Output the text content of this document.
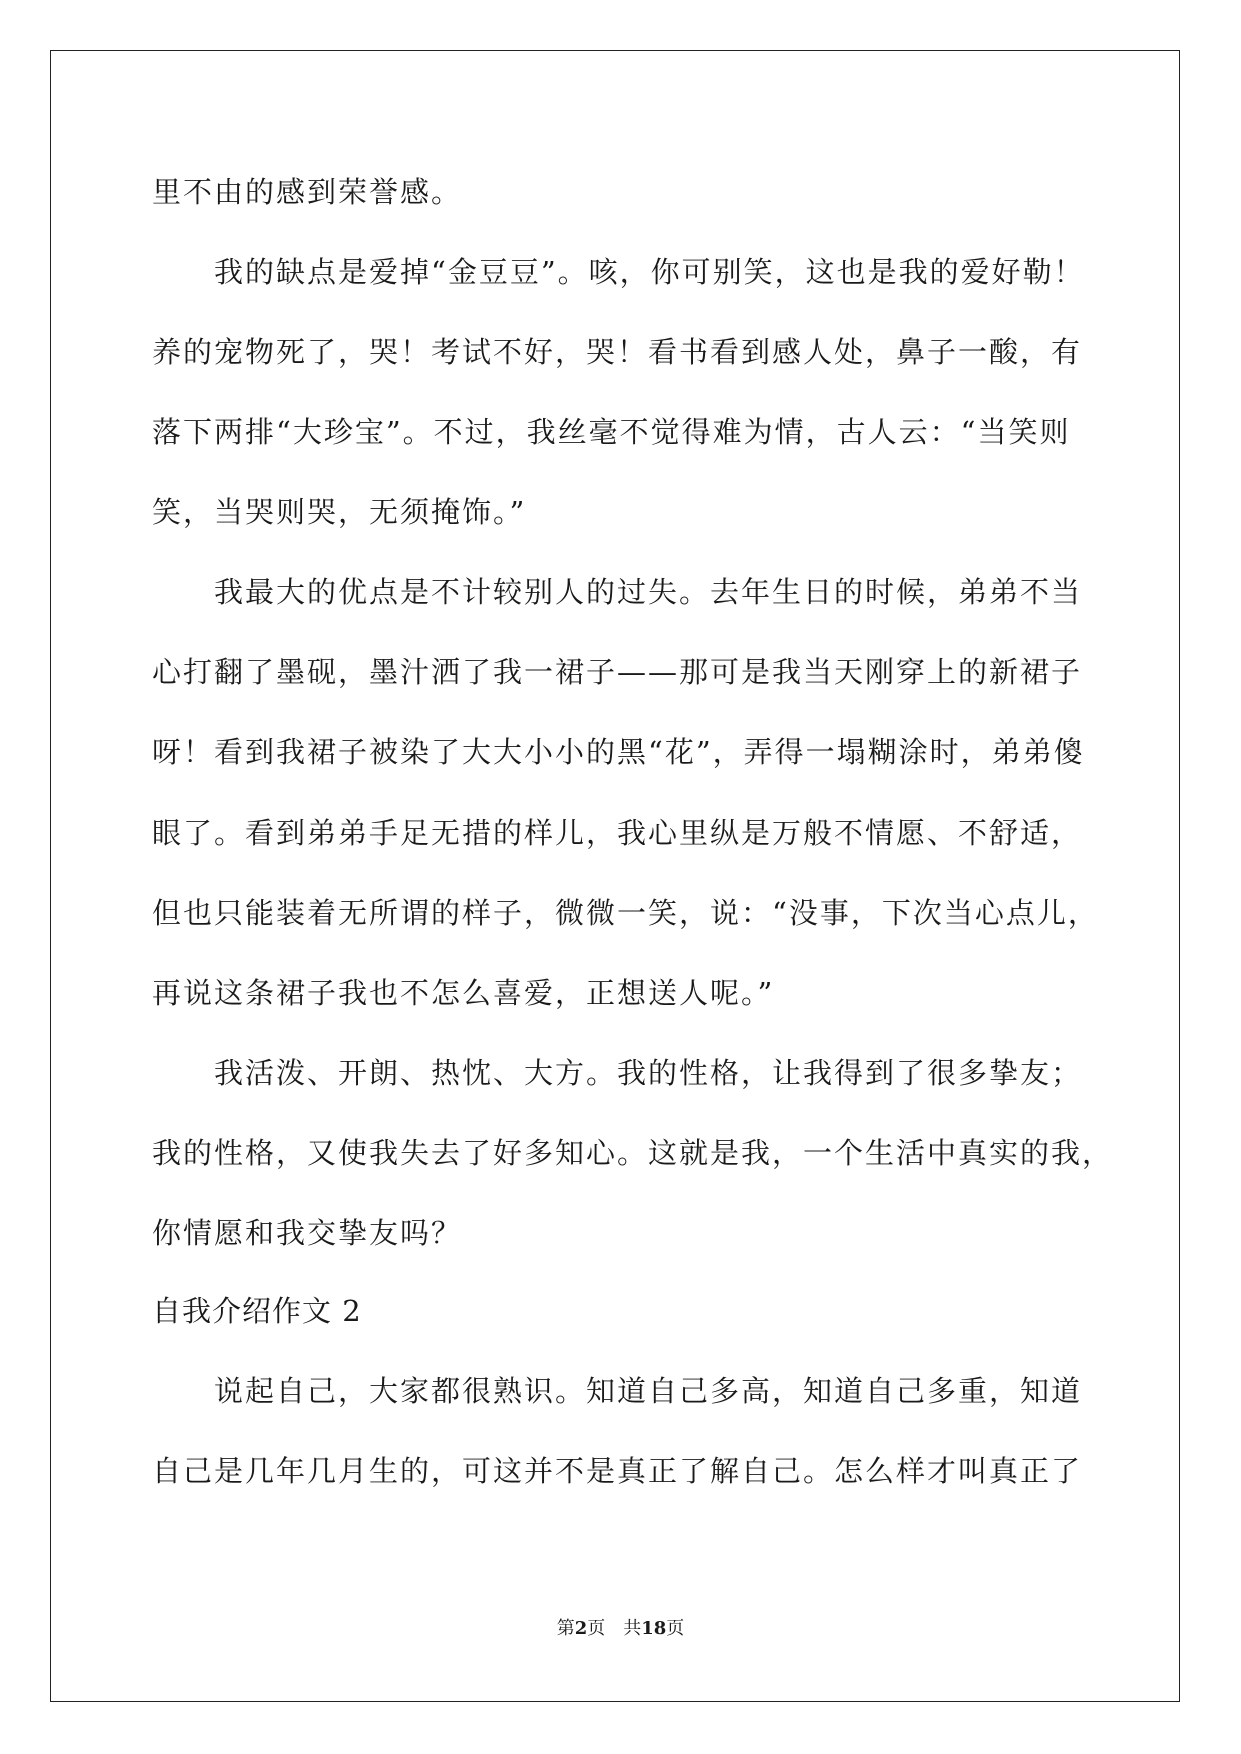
里不由的感到荣誉感。
我的缺点是爱掉“金豆豆”。咳，你可别笑，这也是我的爱好勒！
养的宠物死了，哭！考试不好，哭！看书看到感人处，鼻子一酸，有
落下两排“大珍宝”。不过，我丝毫不觉得难为情，古人云：“当笑则
笑，当哭则哭，无须掩饰。”
我最大的优点是不计较别人的过失。去年生日的时候，弟弟不当
心打翻了墨砚，墨汁洒了我一裙子——那可是我当天刚穿上的新裙子
呀！看到我裙子被染了大大小小的黑“花”，弄得一塌糊涂时，弟弟傻
眼了。看到弟弟手足无措的样儿，我心里纵是万般不情愿、不舒适，
但也只能装着无所谓的样子，微微一笑，说：“没事，下次当心点儿，
再说这条裙子我也不怎么喜爱，正想送人呢。”
我活泼、开朗、热忱、大方。我的性格，让我得到了很多挚友；
我的性格，又使我失去了好多知心。这就是我，一个生活中真实的我，
你情愿和我交挚友吗？
自我介绍作文 2
说起自己，大家都很熟识。知道自己多高，知道自己多重，知道
自己是几年几月生的，可这并不是真正了解自己。怎么样才叫真正了
第2页　共18页
